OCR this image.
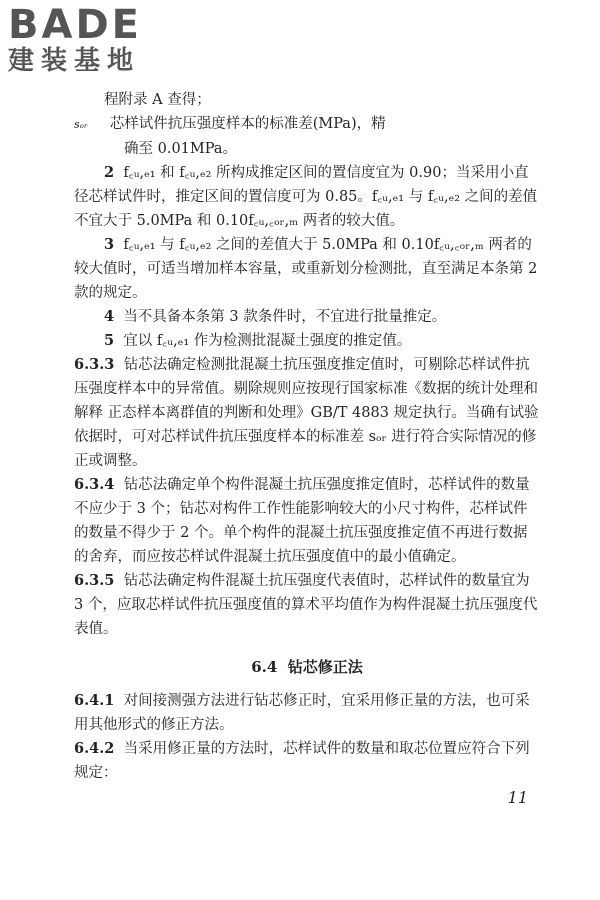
BADE
建装基地

程附录 A 查得；

sₒᵣ 芯样试件抗压强度样本的标准差(MPa)，精

确至 0.01MPa。

2 f꜀ᵤ,ₑ₁ 和 f꜀ᵤ,ₑ₂ 所构成推定区间的置信度宜为 0.90；当采用小直径芯样试件时，推定区间的置信度可为 0.85。f꜀ᵤ,ₑ₁ 与 f꜀ᵤ,ₑ₂ 之间的差值不宜大于 5.0MPa 和 0.10f꜀ᵤ,꜀ₒᵣ,ₘ 两者的较大值。

3 f꜀ᵤ,ₑ₁ 与 f꜀ᵤ,ₑ₂ 之间的差值大于 5.0MPa 和 0.10f꜀ᵤ,꜀ₒᵣ,ₘ 两者的较大值时，可适当增加样本容量，或重新划分检测批，直至满足本条第 2 款的规定。

4 当不具备本条第 3 款条件时，不宜进行批量推定。

5 宜以 f꜀ᵤ,ₑ₁ 作为检测批混凝土强度的推定值。

6.3.3 钻芯法确定检测批混凝土抗压强度推定值时，可剔除芯样试件抗压强度样本中的异常值。剔除规则应按现行国家标准《数据的统计处理和解释 正态样本离群值的判断和处理》GB/T 4883 规定执行。当确有试验依据时，可对芯样试件抗压强度样本的标准差 sₒᵣ 进行符合实际情况的修正或调整。

6.3.4 钻芯法确定单个构件混凝土抗压强度推定值时，芯样试件的数量不应少于 3 个；钻芯对构件工作性能影响较大的小尺寸构件，芯样试件的数量不得少于 2 个。单个构件的混凝土抗压强度推定值不再进行数据的舍弃，而应按芯样试件混凝土抗压强度值中的最小值确定。

6.3.5 钻芯法确定构件混凝土抗压强度代表值时，芯样试件的数量宜为 3 个，应取芯样试件抗压强度值的算术平均值作为构件混凝土抗压强度代表值。

6.4 钻芯修正法

6.4.1 对间接测强方法进行钻芯修正时，宜采用修正量的方法，也可采用其他形式的修正方法。

6.4.2 当采用修正量的方法时，芯样试件的数量和取芯位置应符合下列规定：

11
